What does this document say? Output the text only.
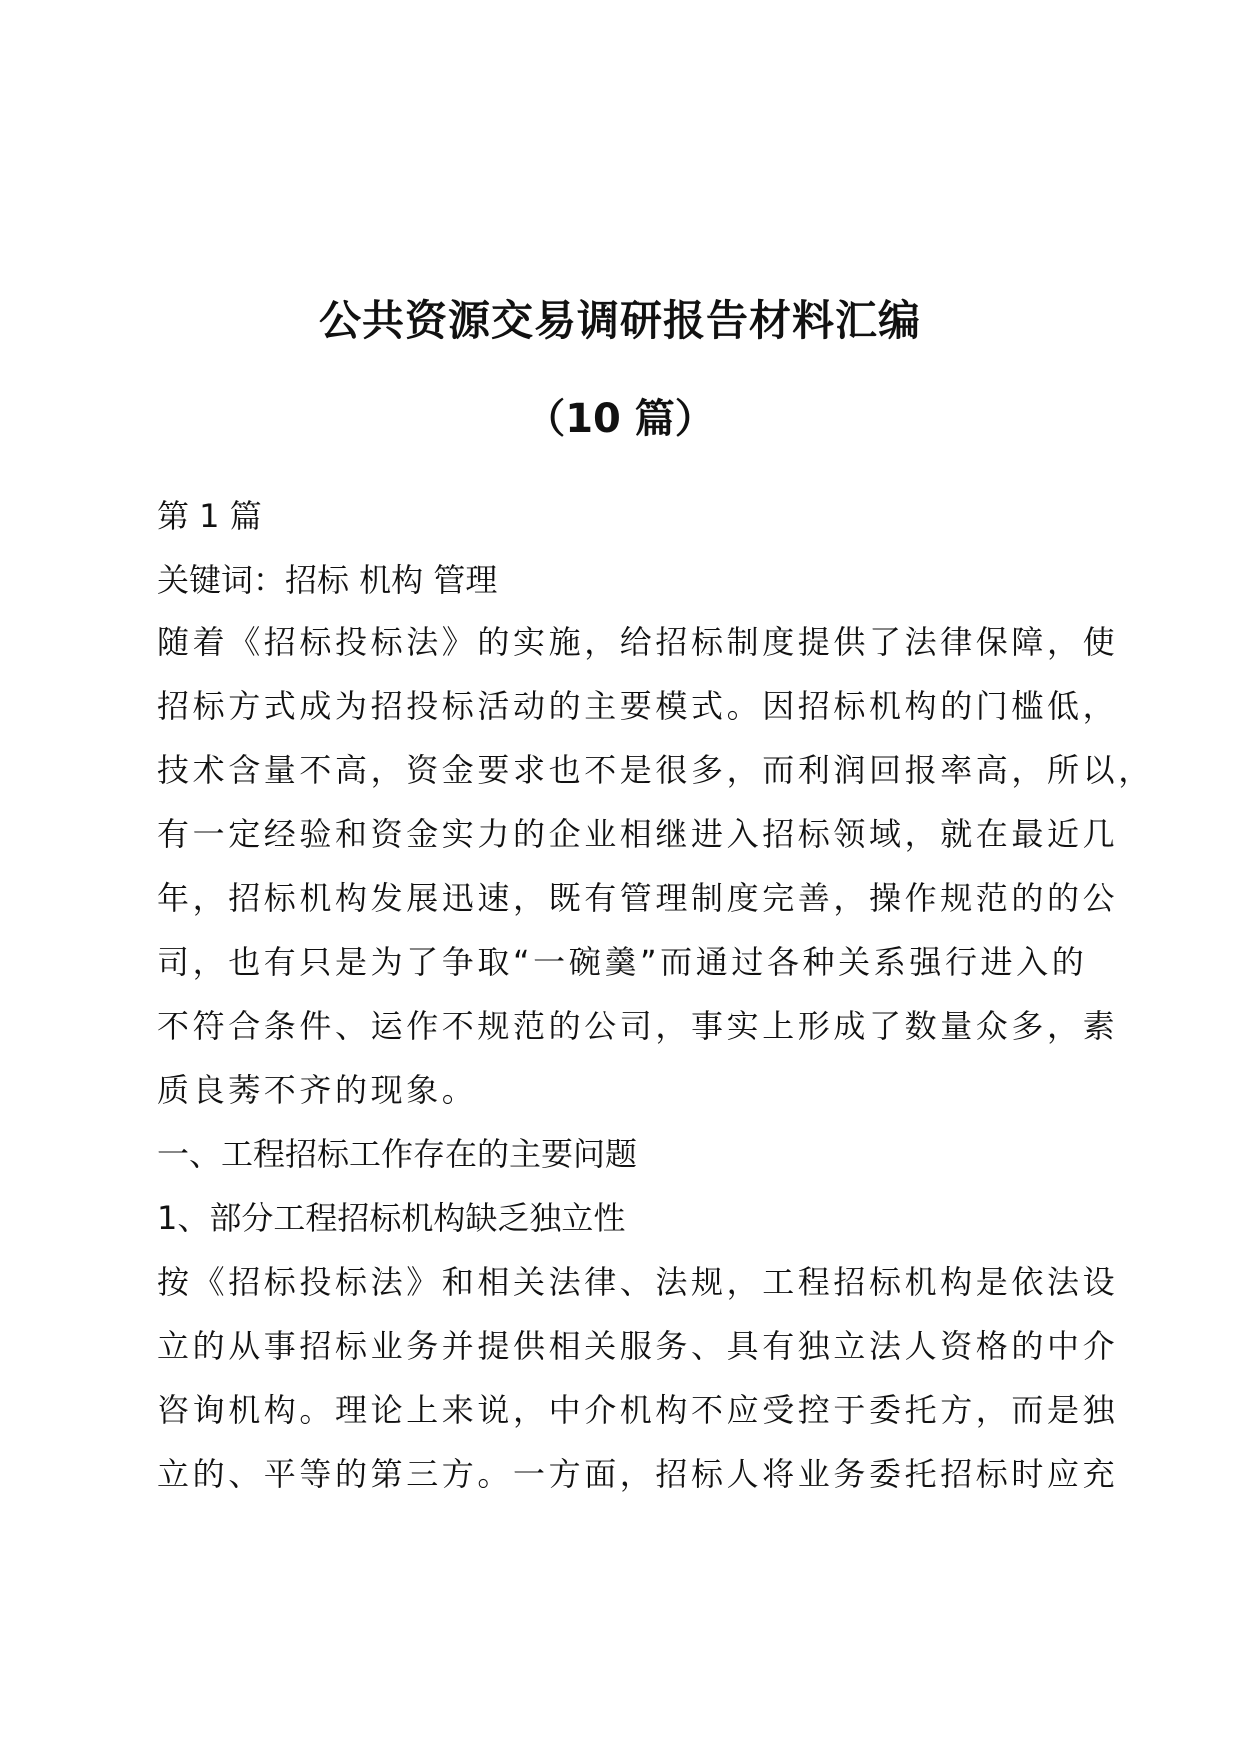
公共资源交易调研报告材料汇编
（10 篇）
第 1 篇
关键词：招标 机构 管理
随着《招标投标法》的实施，给招标制度提供了法律保障，使
招标方式成为招投标活动的主要模式。因招标机构的门槛低，
技术含量不高，资金要求也不是很多，而利润回报率高，所以，
有一定经验和资金实力的企业相继进入招标领域，就在最近几
年，招标机构发展迅速，既有管理制度完善，操作规范的的公
司，也有只是为了争取“一碗羹”而通过各种关系强行进入的
不符合条件、运作不规范的公司，事实上形成了数量众多，素
质良莠不齐的现象。
一、工程招标工作存在的主要问题
1、部分工程招标机构缺乏独立性
按《招标投标法》和相关法律、法规，工程招标机构是依法设
立的从事招标业务并提供相关服务、具有独立法人资格的中介
咨询机构。理论上来说，中介机构不应受控于委托方，而是独
立的、平等的第三方。一方面，招标人将业务委托招标时应充
